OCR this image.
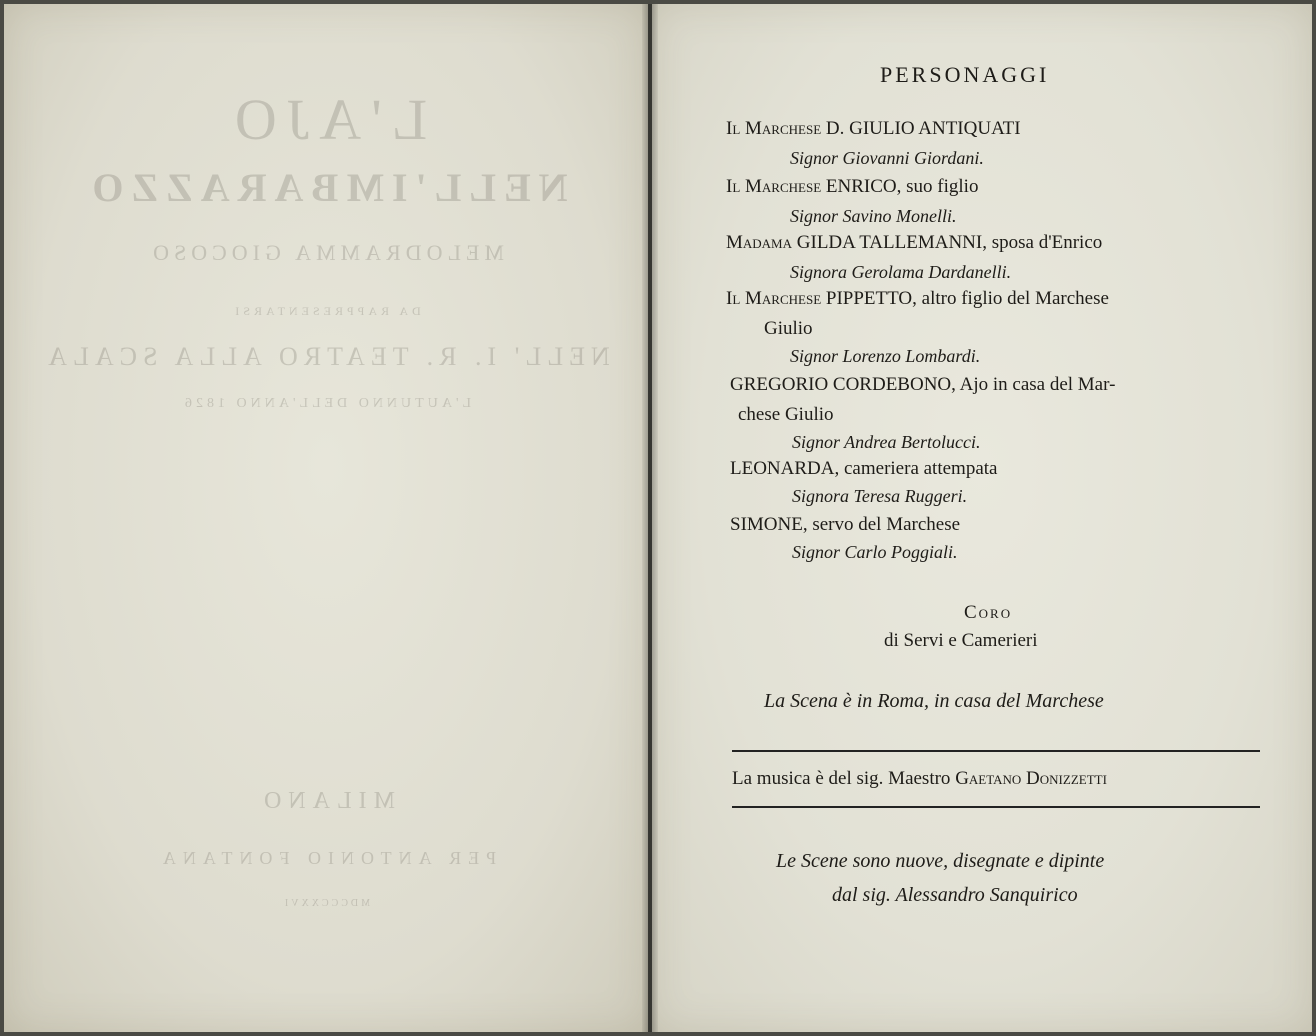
L'AJO
NELL'IMBARAZZO
MELODRAMMA GIOCOSO
DA RAPPRESENTARSI
NELL' I. R. TEATRO ALLA SCALA
L'AUTUNNO DELL'ANNO 1826
MILANO
PER ANTONIO FONTANA
MDCCCXXVI
PERSONAGGI
Il Marchese D. GIULIO ANTIQUATI
Signor Giovanni Giordani.
Il Marchese ENRICO, suo figlio
Signor Savino Monelli.
Madama GILDA TALLEMANNI, sposa d'Enrico
Signora Gerolama Dardanelli.
Il Marchese PIPPETTO, altro figlio del Marchese
Giulio
Signor Lorenzo Lombardi.
GREGORIO CORDEBONO, Ajo in casa del Mar-
chese Giulio
Signor Andrea Bertolucci.
LEONARDA, cameriera attempata
Signora Teresa Ruggeri.
SIMONE, servo del Marchese
Signor Carlo Poggiali.
Coro
di Servi e Camerieri
La Scena è in Roma, in casa del Marchese
La musica è del sig. Maestro Gaetano Donizzetti
Le Scene sono nuove, disegnate e dipinte
dal sig. Alessandro Sanquirico
